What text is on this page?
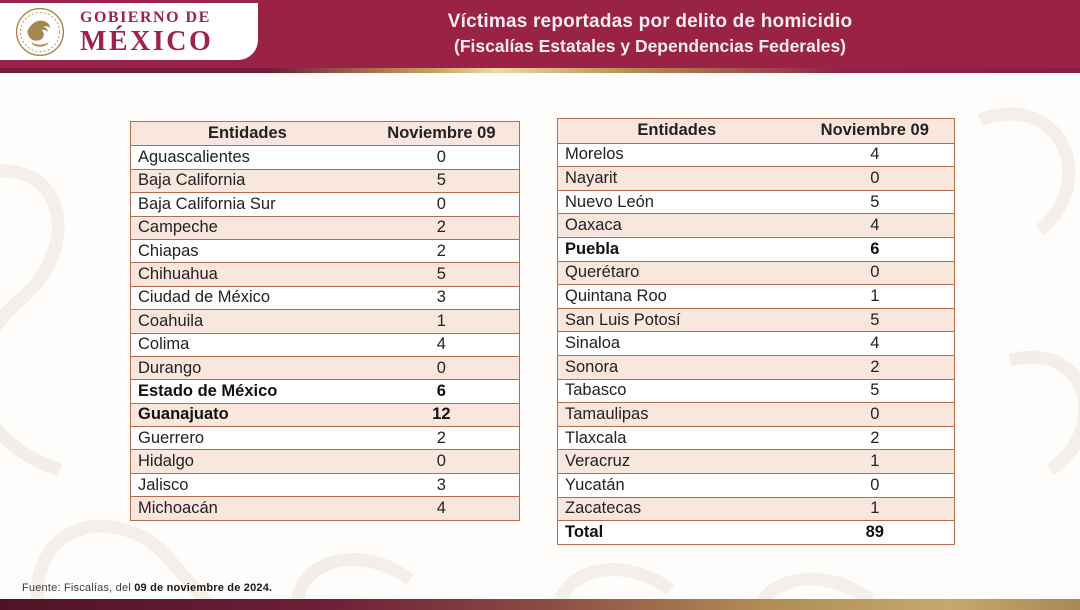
Víctimas reportadas por delito de homicidio
(Fiscalías Estatales y Dependencias Federales)
GOBIERNO DE
MÉXICO
Entidades	Noviembre 09
Aguascalientes	0
Baja California	5
Baja California Sur	0
Campeche	2
Chiapas	2
Chihuahua	5
Ciudad de México	3
Coahuila	1
Colima	4
Durango	0
Estado de México	6
Guanajuato	12
Guerrero	2
Hidalgo	0
Jalisco	3
Michoacán	4
Entidades	Noviembre 09
Morelos	4
Nayarit	0
Nuevo León	5
Oaxaca	4
Puebla	6
Querétaro	0
Quintana Roo	1
San Luis Potosí	5
Sinaloa	4
Sonora	2
Tabasco	5
Tamaulipas	0
Tlaxcala	2
Veracruz	1
Yucatán	0
Zacatecas	1
Total	89
Fuente: Fiscalías, del 09 de noviembre de 2024.
